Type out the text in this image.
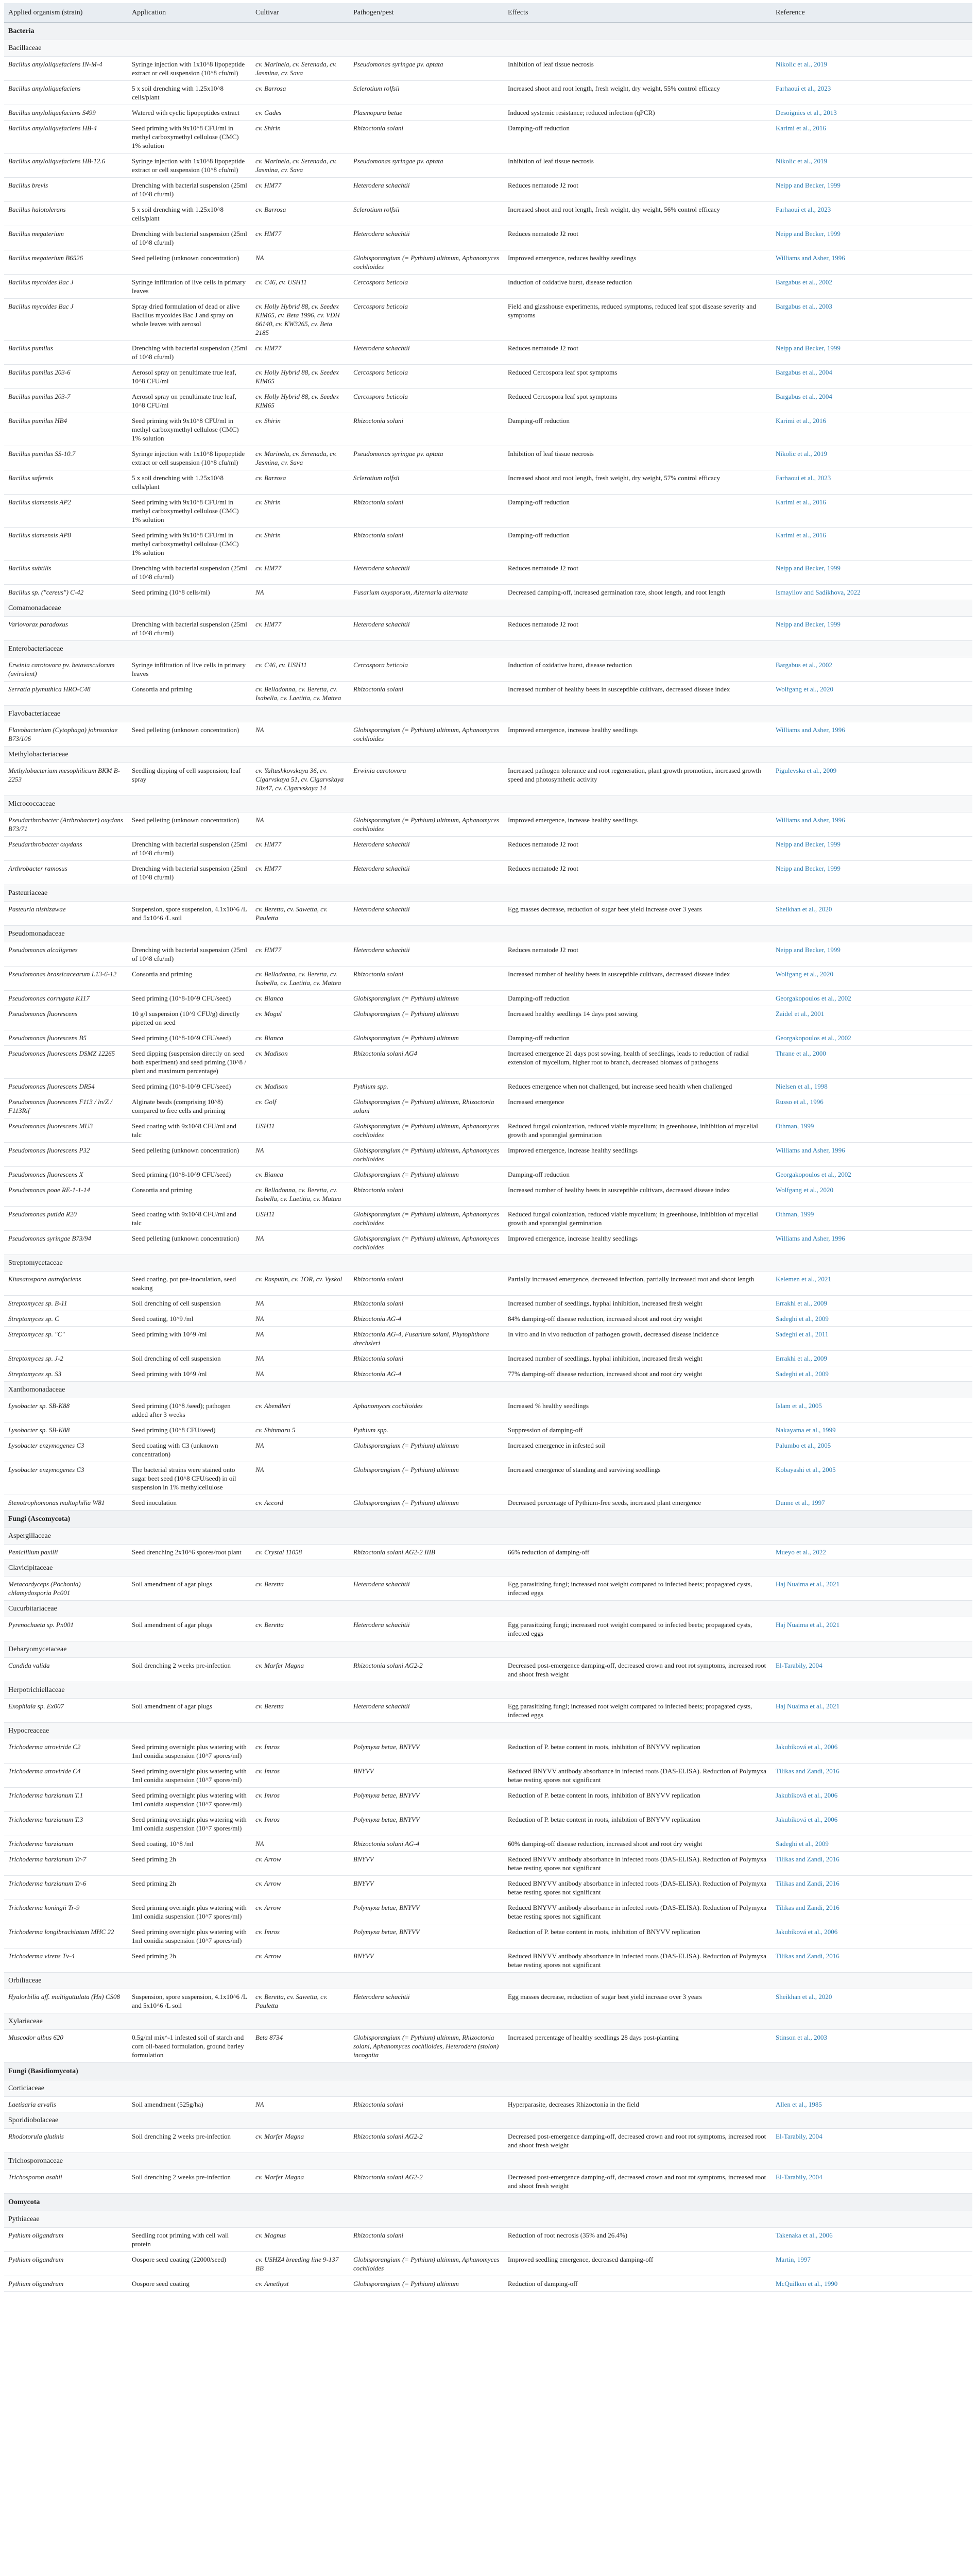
Applied organism (strain)	Application	Cultivar	Pathogen/pest	Effects	Reference
Bacteria					
Bacillaceae					
Bacillus amyloliquefaciens IN-M-4	Syringe injection with 1x10^8 lipopeptide extract or cell suspension (10^8 cfu/ml)	cv. Marinela, cv. Serenada, cv. Jasmina, cv. Sava	Pseudomonas syringae pv. aptata	Inhibition of leaf tissue necrosis	Nikolic et al., 2019
Bacillus amyloliquefaciens	5 x soil drenching with 1.25x10^8 cells/plant	cv. Barrosa	Sclerotium rolfsii	Increased shoot and root length, fresh weight, dry weight, 55% control efficacy	Farhaoui et al., 2023
Bacillus amyloliquefaciens S499	Watered with cyclic lipopeptides extract	cv. Gades	Plasmopara betae	Induced systemic resistance; reduced infection (qPCR)	Desoignies et al., 2013
Bacillus amyloliquefaciens HB-4	Seed priming with 9x10^8 CFU/ml in methyl carboxymethyl cellulose (CMC) 1% solution	cv. Shirin	Rhizoctonia solani	Damping-off reduction	Karimi et al., 2016
Bacillus amyloliquefaciens HB-12.6	Syringe injection with 1x10^8 lipopeptide extract or cell suspension (10^8 cfu/ml)	cv. Marinela, cv. Serenada, cv. Jasmina, cv. Sava	Pseudomonas syringae pv. aptata	Inhibition of leaf tissue necrosis	Nikolic et al., 2019
Bacillus brevis	Drenching with bacterial suspension (25ml of 10^8 cfu/ml)	cv. HM77	Heterodera schachtii	Reduces nematode J2 root	Neipp and Becker, 1999
Bacillus halotolerans	5 x soil drenching with 1.25x10^8 cells/plant	cv. Barrosa	Sclerotium rolfsii	Increased shoot and root length, fresh weight, dry weight, 56% control efficacy	Farhaoui et al., 2023
Bacillus megaterium	Drenching with bacterial suspension (25ml of 10^8 cfu/ml)	cv. HM77	Heterodera schachtii	Reduces nematode J2 root	Neipp and Becker, 1999
Bacillus megaterium B6526	Seed pelleting (unknown concentration)	NA	Globisporangium (= Pythium) ultimum, Aphanomyces cochlioides	Improved emergence, reduces healthy seedlings	Williams and Asher, 1996
Bacillus mycoides Bac J	Syringe infiltration of live cells in primary leaves	cv. C46, cv. USH11	Cercospora beticola	Induction of oxidative burst, disease reduction	Bargabus et al., 2002
Bacillus mycoides Bac J	Spray dried formulation of dead or alive Bacillus mycoides Bac J and spray on whole leaves with aerosol	cv. Holly Hybrid 88, cv. Seedex KIM65, cv. Beta 1996, cv. VDH 66140, cv. KW3265, cv. Beta 2185	Cercospora beticola	Field and glasshouse experiments, reduced symptoms, reduced leaf spot disease severity and symptoms	Bargabus et al., 2003
Bacillus pumilus	Drenching with bacterial suspension (25ml of 10^8 cfu/ml)	cv. HM77	Heterodera schachtii	Reduces nematode J2 root	Neipp and Becker, 1999
Bacillus pumilus 203-6	Aerosol spray on penultimate true leaf, 10^8 CFU/ml	cv. Holly Hybrid 88, cv. Seedex KIM65	Cercospora beticola	Reduced Cercospora leaf spot symptoms	Bargabus et al., 2004
Bacillus pumilus 203-7	Aerosol spray on penultimate true leaf, 10^8 CFU/ml	cv. Holly Hybrid 88, cv. Seedex KIM65	Cercospora beticola	Reduced Cercospora leaf spot symptoms	Bargabus et al., 2004
Bacillus pumilus HB4	Seed priming with 9x10^8 CFU/ml in methyl carboxymethyl cellulose (CMC) 1% solution	cv. Shirin	Rhizoctonia solani	Damping-off reduction	Karimi et al., 2016
Bacillus pumilus SS-10.7	Syringe injection with 1x10^8 lipopeptide extract or cell suspension (10^8 cfu/ml)	cv. Marinela, cv. Serenada, cv. Jasmina, cv. Sava	Pseudomonas syringae pv. aptata	Inhibition of leaf tissue necrosis	Nikolic et al., 2019
Bacillus safensis	5 x soil drenching with 1.25x10^8 cells/plant	cv. Barrosa	Sclerotium rolfsii	Increased shoot and root length, fresh weight, dry weight, 57% control efficacy	Farhaoui et al., 2023
Bacillus siamensis AP2	Seed priming with 9x10^8 CFU/ml in methyl carboxymethyl cellulose (CMC) 1% solution	cv. Shirin	Rhizoctonia solani	Damping-off reduction	Karimi et al., 2016
Bacillus siamensis AP8	Seed priming with 9x10^8 CFU/ml in methyl carboxymethyl cellulose (CMC) 1% solution	cv. Shirin	Rhizoctonia solani	Damping-off reduction	Karimi et al., 2016
Bacillus subtilis	Drenching with bacterial suspension (25ml of 10^8 cfu/ml)	cv. HM77	Heterodera schachtii	Reduces nematode J2 root	Neipp and Becker, 1999
Bacillus sp. ("cereus") C-42	Seed priming (10^8 cells/ml)	NA	Fusarium oxysporum, Alternaria alternata	Decreased damping-off, increased germination rate, shoot length, and root length	Ismayilov and Sadikhova, 2022
Comamonadaceae					
Variovorax paradoxus	Drenching with bacterial suspension (25ml of 10^8 cfu/ml)	cv. HM77	Heterodera schachtii	Reduces nematode J2 root	Neipp and Becker, 1999
Enterobacteriaceae					
Erwinia carotovora pv. betavasculorum (avirulent)	Syringe infiltration of live cells in primary leaves	cv. C46, cv. USH11	Cercospora beticola	Induction of oxidative burst, disease reduction	Bargabus et al., 2002
Serratia plymuthica HRO-C48	Consortia and priming	cv. Belladonna, cv. Beretta, cv. Isabella, cv. Laetitia, cv. Mattea	Rhizoctonia solani	Increased number of healthy beets in susceptible cultivars, decreased disease index	Wolfgang et al., 2020
Flavobacteriaceae					
Flavobacterium (Cytophaga) johnsoniae B73/106	Seed pelleting (unknown concentration)	NA	Globisporangium (= Pythium) ultimum, Aphanomyces cochlioides	Improved emergence, increase healthy seedlings	Williams and Asher, 1996
Methylobacteriaceae					
Methylobacterium mesophilicum BKM B-2253	Seedling dipping of cell suspension; leaf spray	cv. Yaltushkovskaya 36, cv. Cigarvskaya 51, cv. Cigarvskaya 18x47, cv. Cigarvskaya 14	Erwinia carotovora	Increased pathogen tolerance and root regeneration, plant growth promotion, increased growth speed and photosynthetic activity	Pigulevska et al., 2009
Micrococcaceae					
Pseudarthrobacter (Arthrobacter) oxydans B73/71	Seed pelleting (unknown concentration)	NA	Globisporangium (= Pythium) ultimum, Aphanomyces cochlioides	Improved emergence, increase healthy seedlings	Williams and Asher, 1996
Pseudarthrobacter oxydans	Drenching with bacterial suspension (25ml of 10^8 cfu/ml)	cv. HM77	Heterodera schachtii	Reduces nematode J2 root	Neipp and Becker, 1999
Arthrobacter ramosus	Drenching with bacterial suspension (25ml of 10^8 cfu/ml)	cv. HM77	Heterodera schachtii	Reduces nematode J2 root	Neipp and Becker, 1999
Pasteuriaceae					
Pasteuria nishizawae	Suspension, spore suspension, 4.1x10^6 /L and 5x10^6 /L soil	cv. Beretta, cv. Sawetta, cv. Pauletta	Heterodera schachtii	Egg masses decrease, reduction of sugar beet yield increase over 3 years	Sheikhan et al., 2020
Pseudomonadaceae					
Pseudomonas alcaligenes	Drenching with bacterial suspension (25ml of 10^8 cfu/ml)	cv. HM77	Heterodera schachtii	Reduces nematode J2 root	Neipp and Becker, 1999
Pseudomonas brassicacearum L13-6-12	Consortia and priming	cv. Belladonna, cv. Beretta, cv. Isabella, cv. Laetitia, cv. Mattea	Rhizoctonia solani	Increased number of healthy beets in susceptible cultivars, decreased disease index	Wolfgang et al., 2020
Pseudomonas corrugata K117	Seed priming (10^8-10^9 CFU/seed)	cv. Bianca	Globisporangium (= Pythium) ultimum	Damping-off reduction	Georgakopoulos et al., 2002
Pseudomonas fluorescens	10 g/l suspension (10^9 CFU/g) directly pipetted on seed	cv. Mogul	Globisporangium (= Pythium) ultimum	Increased healthy seedlings 14 days post sowing	Zaidel et al., 2001
Pseudomonas fluorescens B5	Seed priming (10^8-10^9 CFU/seed)	cv. Bianca	Globisporangium (= Pythium) ultimum	Damping-off reduction	Georgakopoulos et al., 2002
Pseudomonas fluorescens DSMZ 12265	Seed dipping (suspension directly on seed both experiment) and seed priming (10^8 / plant and maximum percentage)	cv. Madison	Rhizoctonia solani AG4	Increased emergence 21 days post sowing, health of seedlings, leads to reduction of radial extension of mycelium, higher root to branch, decreased biomass of pathogens	Thrane et al., 2000
Pseudomonas fluorescens DR54	Seed priming (10^8-10^9 CFU/seed)	cv. Madison	Pythium spp.	Reduces emergence when not challenged, but increase seed health when challenged	Nielsen et al., 1998
Pseudomonas fluorescens F113 / ln/Z / F113Rif	Alginate beads (comprising 10^8) compared to free cells and priming	cv. Golf	Globisporangium (= Pythium) ultimum, Rhizoctonia solani	Increased emergence	Russo et al., 1996
Pseudomonas fluorescens MU3	Seed coating with 9x10^8 CFU/ml and talc	USH11	Globisporangium (= Pythium) ultimum, Aphanomyces cochlioides	Reduced fungal colonization, reduced viable mycelium; in greenhouse, inhibition of mycelial growth and sporangial germination	Othman, 1999
Pseudomonas fluorescens P32	Seed pelleting (unknown concentration)	NA	Globisporangium (= Pythium) ultimum, Aphanomyces cochlioides	Improved emergence, increase healthy seedlings	Williams and Asher, 1996
Pseudomonas fluorescens X	Seed priming (10^8-10^9 CFU/seed)	cv. Bianca	Globisporangium (= Pythium) ultimum	Damping-off reduction	Georgakopoulos et al., 2002
Pseudomonas poae RE-1-1-14	Consortia and priming	cv. Belladonna, cv. Beretta, cv. Isabella, cv. Laetitia, cv. Mattea	Rhizoctonia solani	Increased number of healthy beets in susceptible cultivars, decreased disease index	Wolfgang et al., 2020
Pseudomonas putida R20	Seed coating with 9x10^8 CFU/ml and talc	USH11	Globisporangium (= Pythium) ultimum, Aphanomyces cochlioides	Reduced fungal colonization, reduced viable mycelium; in greenhouse, inhibition of mycelial growth and sporangial germination	Othman, 1999
Pseudomonas syringae B73/94	Seed pelleting (unknown concentration)	NA	Globisporangium (= Pythium) ultimum, Aphanomyces cochlioides	Improved emergence, increase healthy seedlings	Williams and Asher, 1996
Streptomycetaceae					
Kitasatospora autrofaciens	Seed coating, pot pre-inoculation, seed soaking	cv. Rasputin, cv. TOR, cv. Vyskol	Rhizoctonia solani	Partially increased emergence, decreased infection, partially increased root and shoot length	Kelemen et al., 2021
Streptomyces sp. B-11	Soil drenching of cell suspension	NA	Rhizoctonia solani	Increased number of seedlings, hyphal inhibition, increased fresh weight	Errakhi et al., 2009
Streptomyces sp. C	Seed coating, 10^9 /ml	NA	Rhizoctonia AG-4	84% damping-off disease reduction, increased shoot and root dry weight	Sadeghi et al., 2009
Streptomyces sp. "C"	Seed priming with 10^9 /ml	NA	Rhizoctonia AG-4, Fusarium solani, Phytophthora drechsleri	In vitro and in vivo reduction of pathogen growth, decreased disease incidence	Sadeghi et al., 2011
Streptomyces sp. J-2	Soil drenching of cell suspension	NA	Rhizoctonia solani	Increased number of seedlings, hyphal inhibition, increased fresh weight	Errakhi et al., 2009
Streptomyces sp. S3	Seed priming with 10^9 /ml	NA	Rhizoctonia AG-4	77% damping-off disease reduction, increased shoot and root dry weight	Sadeghi et al., 2009
Xanthomonadaceae					
Lysobacter sp. SB-K88	Seed priming (10^8 /seed); pathogen added after 3 weeks	cv. Abendleri	Aphanomyces cochlioides	Increased % healthy seedlings	Islam et al., 2005
Lysobacter sp. SB-K88	Seed priming (10^8 CFU/seed)	cv. Shinmaru 5	Pythium spp.	Suppression of damping-off	Nakayama et al., 1999
Lysobacter enzymogenes C3	Seed coating with C3 (unknown concentration)	NA	Globisporangium (= Pythium) ultimum	Increased emergence in infested soil	Palumbo et al., 2005
Lysobacter enzymogenes C3	The bacterial strains were stained onto sugar beet seed (10^8 CFU/seed) in oil suspension in 1% methylcellulose	NA	Globisporangium (= Pythium) ultimum	Increased emergence of standing and surviving seedlings	Kobayashi et al., 2005
Stenotrophomonas maltophilia W81	Seed inoculation	cv. Accord	Globisporangium (= Pythium) ultimum	Decreased percentage of Pythium-free seeds, increased plant emergence	Dunne et al., 1997
Fungi (Ascomycota)					
Aspergillaceae					
Penicillium paxilli	Seed drenching 2x10^6 spores/root plant	cv. Crystal 11058	Rhizoctonia solani AG2-2 IIIB	66% reduction of damping-off	Mueyo et al., 2022
Clavicipitaceae					
Metacordyceps (Pochonia) chlamydosporia Pc001	Soil amendment of agar plugs	cv. Beretta	Heterodera schachtii	Egg parasitizing fungi; increased root weight compared to infected beets; propagated cysts, infected eggs	Haj Nuaima et al., 2021
Cucurbitariaceae					
Pyrenochaeta sp. Pn001	Soil amendment of agar plugs	cv. Beretta	Heterodera schachtii	Egg parasitizing fungi; increased root weight compared to infected beets; propagated cysts, infected eggs	Haj Nuaima et al., 2021
Debaryomycetaceae					
Candida valida	Soil drenching 2 weeks pre-infection	cv. Marfer Magna	Rhizoctonia solani AG2-2	Decreased post-emergence damping-off, decreased crown and root rot symptoms, increased root and shoot fresh weight	El-Tarabily, 2004
Herpotrichiellaceae					
Exophiala sp. Ex007	Soil amendment of agar plugs	cv. Beretta	Heterodera schachtii	Egg parasitizing fungi; increased root weight compared to infected beets; propagated cysts, infected eggs	Haj Nuaima et al., 2021
Hypocreaceae					
Trichoderma atroviride C2	Seed priming overnight plus watering with 1ml conidia suspension (10^7 spores/ml)	cv. Imros	Polymyxa betae, BNYVV	Reduction of P. betae content in roots, inhibition of BNYVV replication	Jakubíková et al., 2006
Trichoderma atroviride C4	Seed priming overnight plus watering with 1ml conidia suspension (10^7 spores/ml)	cv. Imros	BNYVV	Reduced BNYVV antibody absorbance in infected roots (DAS-ELISA). Reduction of Polymyxa betae resting spores not significant	Tilikas and Zandi, 2016
Trichoderma harzianum T.1	Seed priming overnight plus watering with 1ml conidia suspension (10^7 spores/ml)	cv. Imros	Polymyxa betae, BNYVV	Reduction of P. betae content in roots, inhibition of BNYVV replication	Jakubíková et al., 2006
Trichoderma harzianum T.3	Seed priming overnight plus watering with 1ml conidia suspension (10^7 spores/ml)	cv. Imros	Polymyxa betae, BNYVV	Reduction of P. betae content in roots, inhibition of BNYVV replication	Jakubíková et al., 2006
Trichoderma harzianum	Seed coating, 10^8 /ml	NA	Rhizoctonia solani AG-4	60% damping-off disease reduction, increased shoot and root dry weight	Sadeghi et al., 2009
Trichoderma harzianum Tr-7	Seed priming 2h	cv. Arrow	BNYVV	Reduced BNYVV antibody absorbance in infected roots (DAS-ELISA). Reduction of Polymyxa betae resting spores not significant	Tilikas and Zandi, 2016
Trichoderma harzianum Tr-6	Seed priming 2h	cv. Arrow	BNYVV	Reduced BNYVV antibody absorbance in infected roots (DAS-ELISA). Reduction of Polymyxa betae resting spores not significant	Tilikas and Zandi, 2016
Trichoderma koningii Tr-9	Seed priming overnight plus watering with 1ml conidia suspension (10^7 spores/ml)	cv. Arrow	Polymyxa betae, BNYVV	Reduced BNYVV antibody absorbance in infected roots (DAS-ELISA). Reduction of Polymyxa betae resting spores not significant	Tilikas and Zandi, 2016
Trichoderma longibrachiatum MHC 22	Seed priming overnight plus watering with 1ml conidia suspension (10^7 spores/ml)	cv. Imros	Polymyxa betae, BNYVV	Reduction of P. betae content in roots, inhibition of BNYVV replication	Jakubíková et al., 2006
Trichoderma virens Tv-4	Seed priming 2h	cv. Arrow	BNYVV	Reduced BNYVV antibody absorbance in infected roots (DAS-ELISA). Reduction of Polymyxa betae resting spores not significant	Tilikas and Zandi, 2016
Orbiliaceae					
Hyalorbilia aff. multiguttulata (Hn) CS08	Suspension, spore suspension, 4.1x10^6 /L and 5x10^6 /L soil	cv. Beretta, cv. Sawetta, cv. Pauletta	Heterodera schachtii	Egg masses decrease, reduction of sugar beet yield increase over 3 years	Sheikhan et al., 2020
Xylariaceae					
Muscodor albus 620	0.5g/ml mix^-1 infested soil of starch and corn oil-based formulation, ground barley formulation	Beta 8734	Globisporangium (= Pythium) ultimum, Rhizoctonia solani, Aphanomyces cochlioides, Heterodera (stolon) incognita	Increased percentage of healthy seedlings 28 days post-planting	Stinson et al., 2003
Fungi (Basidiomycota)					
Corticiaceae					
Laetisaria arvalis	Soil amendment (525g/ha)	NA	Rhizoctonia solani	Hyperparasite, decreases Rhizoctonia in the field	Allen et al., 1985
Sporidiobolaceae					
Rhodotorula glutinis	Soil drenching 2 weeks pre-infection	cv. Marfer Magna	Rhizoctonia solani AG2-2	Decreased post-emergence damping-off, decreased crown and root rot symptoms, increased root and shoot fresh weight	El-Tarabily, 2004
Trichosporonaceae					
Trichosporon asahii	Soil drenching 2 weeks pre-infection	cv. Marfer Magna	Rhizoctonia solani AG2-2	Decreased post-emergence damping-off, decreased crown and root rot symptoms, increased root and shoot fresh weight	El-Tarabily, 2004
Oomycota					
Pythiaceae					
Pythium oligandrum	Seedling root priming with cell wall protein	cv. Magnus	Rhizoctonia solani	Reduction of root necrosis (35% and 26.4%)	Takenaka et al., 2006
Pythium oligandrum	Oospore seed coating (22000/seed)	cv. USHZ4 breeding line 9-137 BB	Globisporangium (= Pythium) ultimum, Aphanomyces cochlioides	Improved seedling emergence, decreased damping-off	Martin, 1997
Pythium oligandrum	Oospore seed coating	cv. Amethyst	Globisporangium (= Pythium) ultimum	Reduction of damping-off	McQuilken et al., 1990
